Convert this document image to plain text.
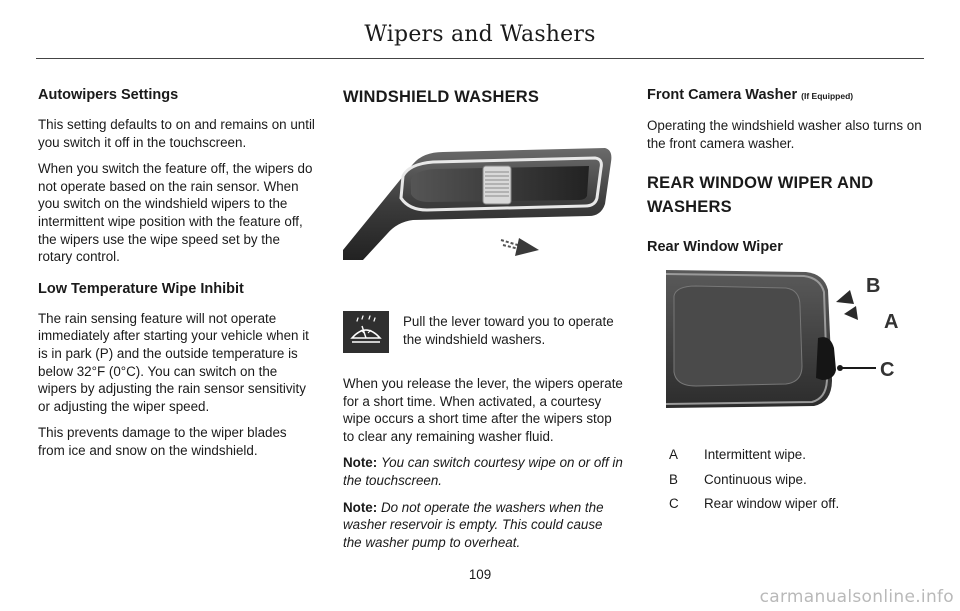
Wipers and Washers
Autowipers Settings

This setting defaults to on and remains on until you switch it off in the touchscreen.

When you switch the feature off, the wipers do not operate based on the rain sensor. When you switch on the windshield wipers to the intermittent wipe position with the feature off, the wipers use the wipe speed set by the rotary control.

Low Temperature Wipe Inhibit

The rain sensing feature will not operate immediately after starting your vehicle when it is in park (P) and the outside temperature is below 32°F (0°C). You can switch on the wipers by adjusting the rain sensor sensitivity or adjusting the wiper speed.

This prevents damage to the wiper blades from ice and snow on the windshield.

WINDSHIELD WASHERS
Pull the lever toward you to operate the windshield washers.

When you release the lever, the wipers operate for a short time. When activated, a courtesy wipe occurs a short time after the wipers stop to clear any remaining washer fluid.

Note: You can switch courtesy wipe on or off in the touchscreen.

Note: Do not operate the washers when the washer reservoir is empty. This could cause the washer pump to overheat.

Front Camera Washer (If Equipped)

Operating the windshield washer also turns on the front camera washer.

REAR WINDOW WIPER AND
WASHERS
Rear Window Wiper
B
A
C
A	Intermittent wipe.
B	Continuous wipe.
C	Rear window wiper off.
109
carmanualsonline.info
